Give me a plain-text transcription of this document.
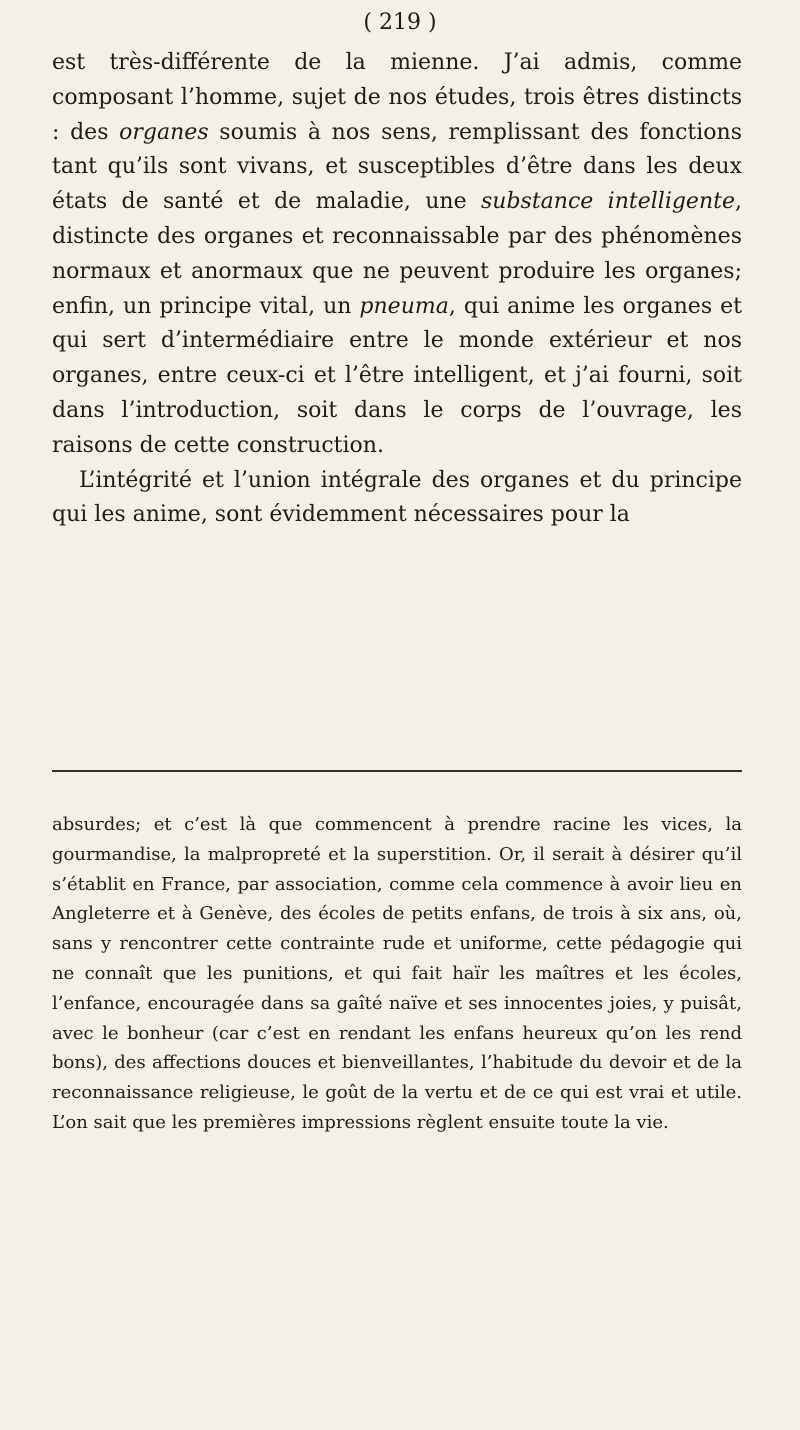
( 219 )

est très-différente de la mienne. J’ai admis, comme composant l’homme, sujet de nos études, trois êtres distincts : des organes soumis à nos sens, remplissant des fonctions tant qu’ils sont vivans, et susceptibles d’être dans les deux états de santé et de maladie, une substance intelligente, distincte des organes et reconnaissable par des phénomènes normaux et anormaux que ne peuvent produire les organes; enfin, un principe vital, un pneuma, qui anime les organes et qui sert d’intermédiaire entre le monde extérieur et nos organes, entre ceux-ci et l’être intelligent, et j’ai fourni, soit dans l’introduction, soit dans le corps de l’ouvrage, les raisons de cette construction.

L’intégrité et l’union intégrale des organes et du principe qui les anime, sont évidemment nécessaires pour la

absurdes; et c’est là que commencent à prendre racine les vices, la gourmandise, la malpropreté et la superstition. Or, il serait à désirer qu’il s’établit en France, par association, comme cela commence à avoir lieu en Angleterre et à Genève, des écoles de petits enfans, de trois à six ans, où, sans y rencontrer cette contrainte rude et uniforme, cette pédagogie qui ne connaît que les punitions, et qui fait haïr les maîtres et les écoles, l’enfance, encouragée dans sa gaîté naïve et ses innocentes joies, y puisât, avec le bonheur (car c’est en rendant les enfans heureux qu’on les rend bons), des affections douces et bienveillantes, l’habitude du devoir et de la reconnaissance religieuse, le goût de la vertu et de ce qui est vrai et utile. L’on sait que les premières impressions règlent ensuite toute la vie.
